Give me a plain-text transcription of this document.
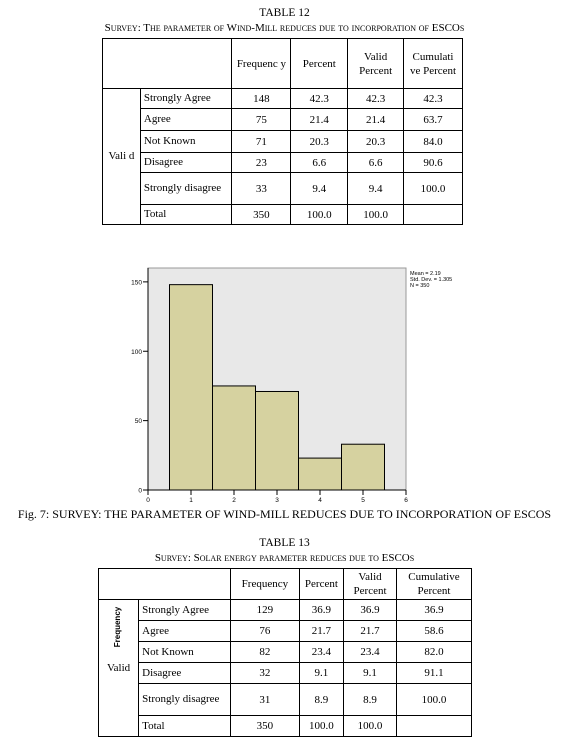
TABLE 12
Survey: The parameter of Wind-Mill reduces due to incorporation of ESCOs
		Frequenc y	Percent	Valid Percent	Cumulati ve Percent
Vali d	Strongly Agree	148	42.3	42.3	42.3
	Agree	75	21.4	21.4	63.7
	Not Known	71	20.3	20.3	84.0
	Disagree	23	6.6	6.6	90.6
	Strongly disagree	33	9.4	9.4	100.0
	Total	350	100.0	100.0	
0
50
100
150
0	1	2	3	4	5	6
Frequency
Mean = 2.19
Std. Dev. = 1.305
N = 350
Fig. 7: SURVEY: THE PARAMETER OF WIND-MILL REDUCES DUE TO INCORPORATION OF ESCOS
TABLE 13
Survey: Solar energy parameter reduces due to ESCOs
		Frequency	Percent	Valid Percent	Cumulative Percent
Valid	Strongly Agree	129	36.9	36.9	36.9
	Agree	76	21.7	21.7	58.6
	Not Known	82	23.4	23.4	82.0
	Disagree	32	9.1	9.1	91.1
	Strongly disagree	31	8.9	8.9	100.0
	Total	350	100.0	100.0	
